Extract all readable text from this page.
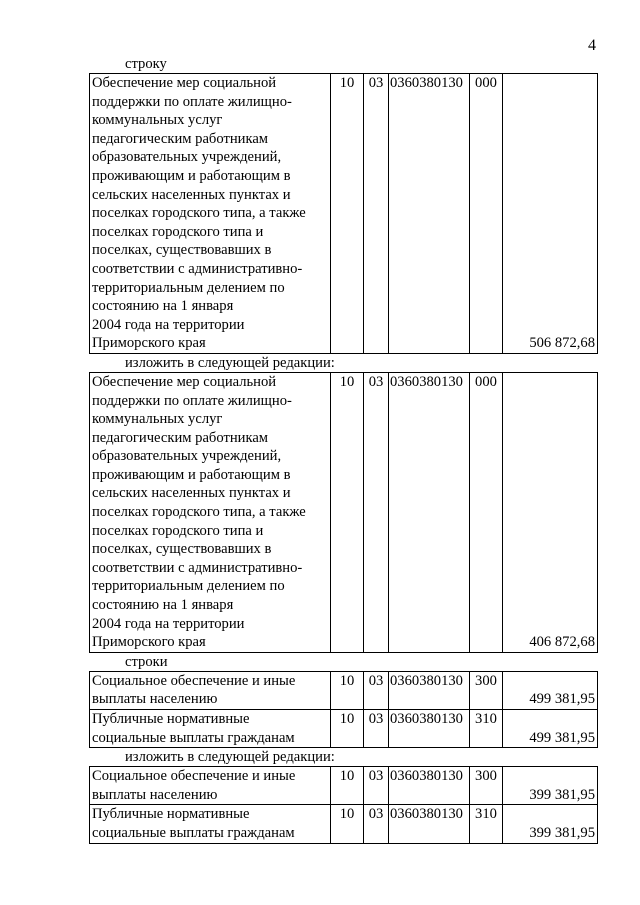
4
строку
Обеспечение мер социальной
поддержки по оплате жилищно-
коммунальных услуг
педагогическим работникам
образовательных учреждений,
проживающим и работающим в
сельских населенных пунктах и
поселках городского типа, а также
поселках городского типа и
поселках, существовавших в
соответствии с административно-
территориальным делением по
состоянию на 1 января
2004 года на территории
Приморского края
	10	03	0360380130	000	506 872,68
изложить в следующей редакции:
Обеспечение мер социальной
поддержки по оплате жилищно-
коммунальных услуг
педагогическим работникам
образовательных учреждений,
проживающим и работающим в
сельских населенных пунктах и
поселках городского типа, а также
поселках городского типа и
поселках, существовавших в
соответствии с административно-
территориальным делением по
состоянию на 1 января
2004 года на территории
Приморского края
	10	03	0360380130	000	406 872,68
строки
Социальное обеспечение и иные
выплаты населению	10	03	0360380130	300	499 381,95

Публичные нормативные
социальные выплаты гражданам	10	03	0360380130	310	499 381,95
изложить в следующей редакции:
Социальное обеспечение и иные
выплаты населению	10	03	0360380130	300	399 381,95

Публичные нормативные
социальные выплаты гражданам	10	03	0360380130	310	399 381,95
